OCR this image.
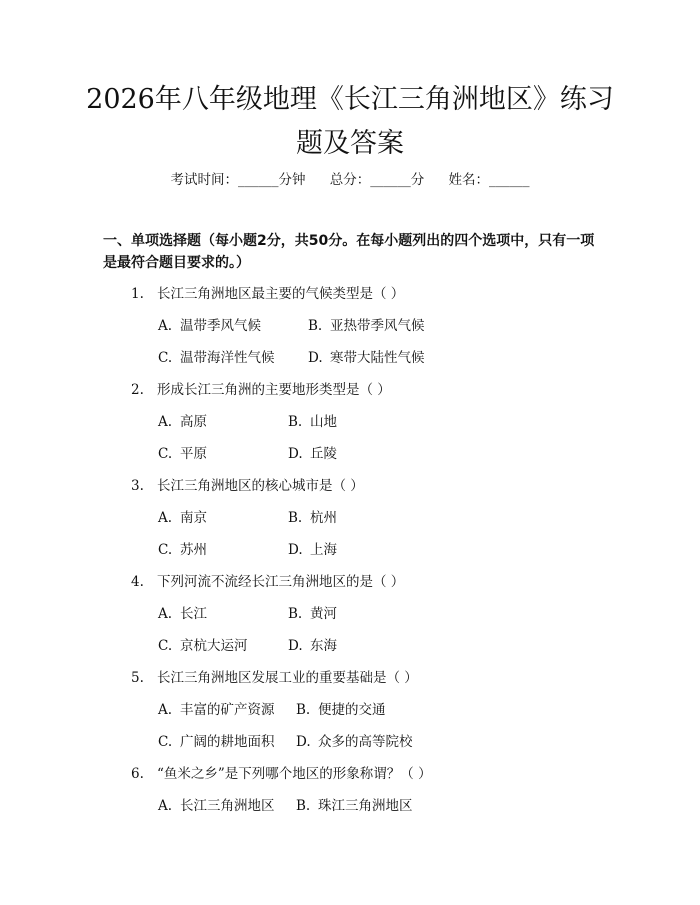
2026年八年级地理《长江三角洲地区》练习
题及答案
考试时间：______分钟 总分：______分 姓名：______
一、单项选择题（每小题2分，共50分。在每小题列出的四个选项中，只有一项
是最符合题目要求的。）
1. 长江三角洲地区最主要的气候类型是（ ）
A. 温带季风气候	B. 亚热带季风气候
C. 温带海洋性气候 D. 寒带大陆性气候
2. 形成长江三角洲的主要地形类型是（ ）
A. 高原	B. 山地
C. 平原	D. 丘陵
3. 长江三角洲地区的核心城市是（ ）
A. 南京	B. 杭州
C. 苏州	D. 上海
4. 下列河流不流经长江三角洲地区的是（ ）
A. 长江	B. 黄河
C. 京杭大运河	D. 东海
5. 长江三角洲地区发展工业的重要基础是（ ）
A. 丰富的矿产资源 B. 便捷的交通
C. 广阔的耕地面积 D. 众多的高等院校
6. “鱼米之乡”是下列哪个地区的形象称谓？（ ）
A. 长江三角洲地区 B. 珠江三角洲地区
